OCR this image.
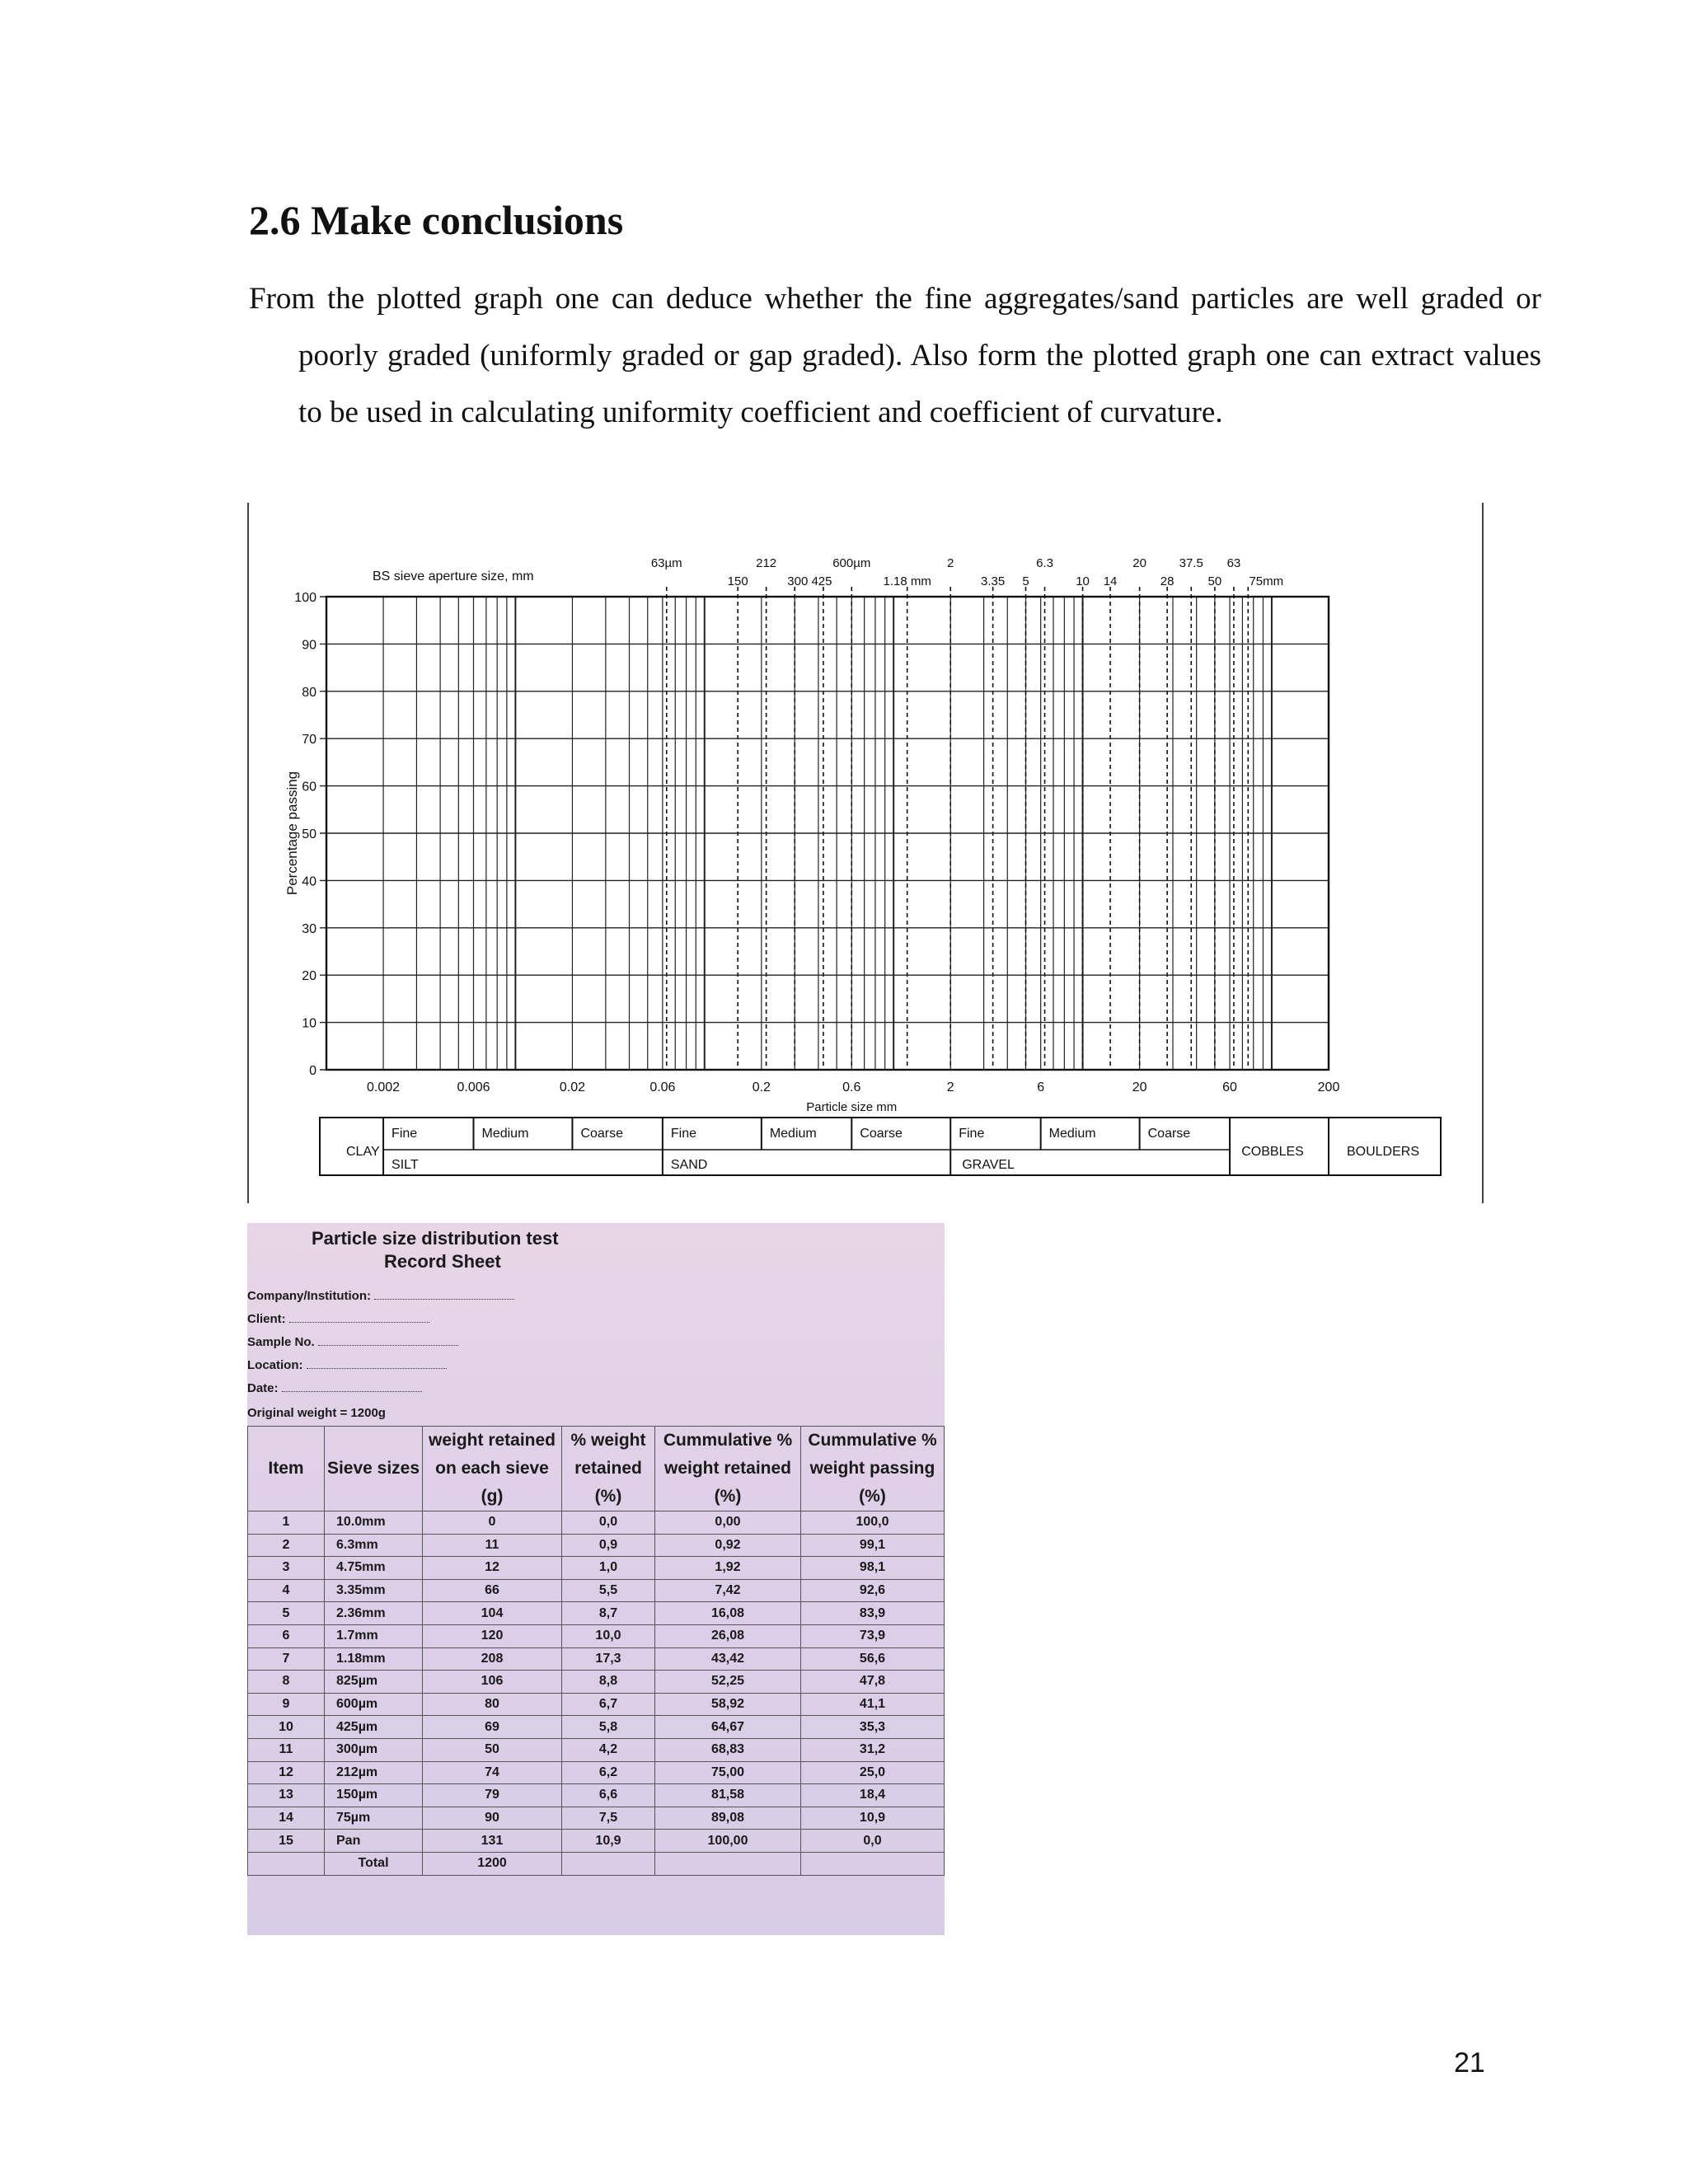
2.6 Make conclusions

From the plotted graph one can deduce whether the fine aggregates/sand particles are well graded or poorly graded (uniformly graded or gap graded). Also form the plotted graph one can extract values to be used in calculating uniformity coefficient and coefficient of curvature.

0
10
20
30
40
50
60
70
80
90
100
0.002	0.006	0.02	0.06	0.2	0.6	2	6	20	60	200
Particle size mm
Percentage passing
BS sieve aperture size, mm
63µm	212	600µm	2	6.3	20	37.5 63
150	300 425	1.18 mm	3.35 5	10 14	28	50 75mm
Fine	Medium	Coarse	Fine	Medium	Coarse	Fine	Medium	Coarse
CLAY
SILT	SAND	GRAVEL
COBBLES	BOULDERS
Particle size distribution test
Record Sheet
Company/Institution:
Client:
Sample No.
Location:
Date:
Original weight = 1200g
Item	Sieve sizes	weight retained on each sieve (g)	% weight retained (%)	Cummulative % weight retained (%)	Cummulative % weight passing (%)
1	10.0mm	0	0,0	0,00	100,0
2	6.3mm	11	0,9	0,92	99,1
3	4.75mm	12	1,0	1,92	98,1
4	3.35mm	66	5,5	7,42	92,6
5	2.36mm	104	8,7	16,08	83,9
6	1.7mm	120	10,0	26,08	73,9
7	1.18mm	208	17,3	43,42	56,6
8	825µm	106	8,8	52,25	47,8
9	600µm	80	6,7	58,92	41,1
10	425µm	69	5,8	64,67	35,3
11	300µm	50	4,2	68,83	31,2
12	212µm	74	6,2	75,00	25,0
13	150µm	79	6,6	81,58	18,4
14	75µm	90	7,5	89,08	10,9
15	Pan	131	10,9	100,00	0,0
	Total	1200			
21
